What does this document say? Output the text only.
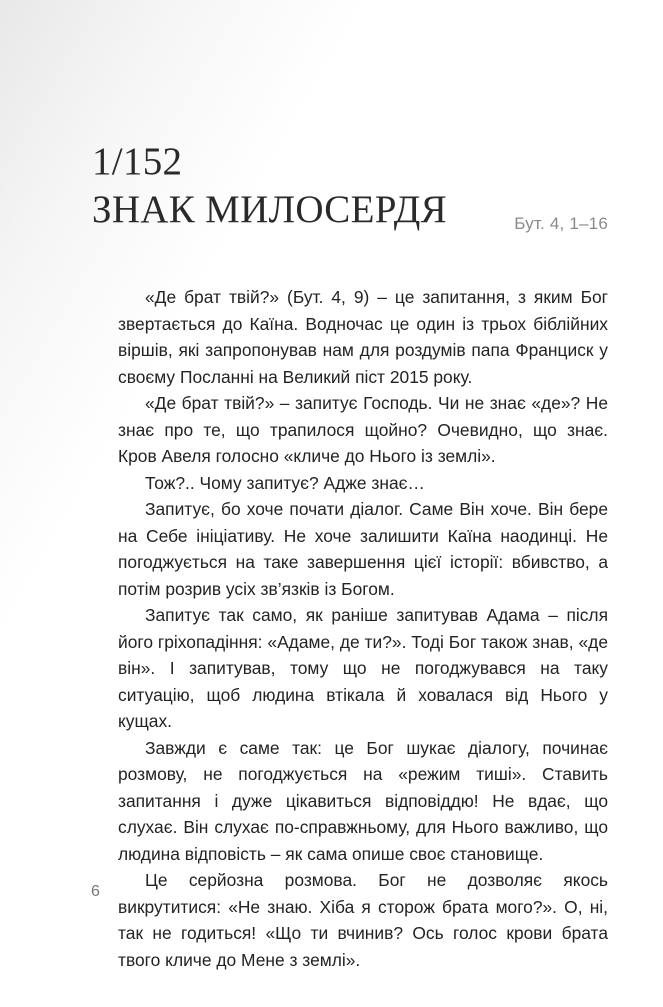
1/152
ЗНАК МИЛОСЕРДЯ	Бут. 4, 1–16

«Де брат твій?» (Бут. 4, 9) – це запитання, з яким Бог звертається до Каїна. Водночас це один із трьох біблійних віршів, які запропонував нам для роздумів папа Франциск у своєму Посланні на Великий піст 2015 року.

«Де брат твій?» – запитує Господь. Чи не знає «де»? Не знає про те, що трапилося щойно? Очевидно, що знає. Кров Авеля голосно «кличе до Нього із землі».

Тож?.. Чому запитує? Адже знає…

Запитує, бо хоче почати діалог. Саме Він хоче. Він бере на Себе ініціативу. Не хоче залишити Каїна наодинці. Не погоджується на таке завершення цієї історії: вбивство, а потім розрив усіх зв’язків із Богом.

Запитує так само, як раніше запитував Адама – після його гріхопадіння: «Адаме, де ти?». Тоді Бог також знав, «де він». І запитував, тому що не погоджувався на таку ситуацію, щоб людина втікала й ховалася від Нього у кущах.

Завжди є саме так: це Бог шукає діалогу, починає розмову, не погоджується на «режим тиші». Ставить запитання і дуже цікавиться відповіддю! Не вдає, що слухає. Він слухає по-справжньому, для Нього важливо, що людина відповість – як сама опише своє становище.

Це серйозна розмова. Бог не дозволяє якось викрутитися: «Не знаю. Хіба я сторож брата мого?». О, ні, так не годиться! «Що ти вчинив? Ось голос крови брата твого кличе до Мене з землі».

6
